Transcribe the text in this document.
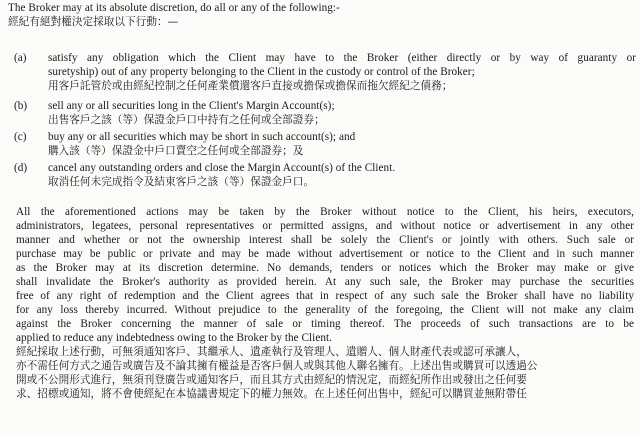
The Broker may at its absolute discretion, do all or any of the following:-
經紀有絕對權決定採取以下行動：—
(a) satisfy any obligation which the Client may have to the Broker (either directly or by way of guaranty or
suretyship) out of any property belonging to the Client in the custody or control of the Broker;
用客戶託管於或由經紀控制之任何產業償還客戶直接或擔保或擔保而拖欠經紀之債務；
(b) sell any or all securities long in the Client's Margin Account(s);
出售客戶之該（等）保證金戶口中持有之任何或全部證券；
(c) buy any or all securities which may be short in such account(s); and
購入該（等）保證金中戶口賣空之任何或全部證券；及
(d) cancel any outstanding orders and close the Margin Account(s) of the Client.
取消任何未完成指令及結束客戶之該（等）保證金戶口。
All the aforementioned actions may be taken by the Broker without notice to the Client, his heirs, executors,
administrators, legatees, personal representatives or permitted assigns, and without notice or advertisement in any other
manner and whether or not the ownership interest shall be solely the Client's or jointly with others. Such sale or
purchase may be public or private and may be made without advertisement or notice to the Client and in such manner
as the Broker may at its discretion determine. No demands, tenders or notices which the Broker may make or give
shall invalidate the Broker's authority as provided herein. At any such sale, the Broker may purchase the securities
free of any right of redemption and the Client agrees that in respect of any such sale the Broker shall have no liability
for any loss thereby incurred. Without prejudice to the generality of the foregoing, the Client will not make any claim
against the Broker concerning the manner of sale or timing thereof. The proceeds of such transactions are to be
applied to reduce any indebtedness owing to the Broker by the Client.
經紀採取上述行動，可無須通知客戶、其繼承人、遺產執行及管理人、遺贈人、個人財產代表或認可承讓人，
亦不需任何方式之通告或廣告及不論其擁有權益是否客戶個人或與其他人聯名擁有。上述出售或購買可以透過公
開或不公開形式進行，無須刊登廣告或通知客戶，而且其方式由經紀的情況定，而經紀所作出或發出之任何要
求、招標或通知，將不會使經紀在本協議書規定下的權力無效。在上述任何出售中，經紀可以購買並無附帶任
